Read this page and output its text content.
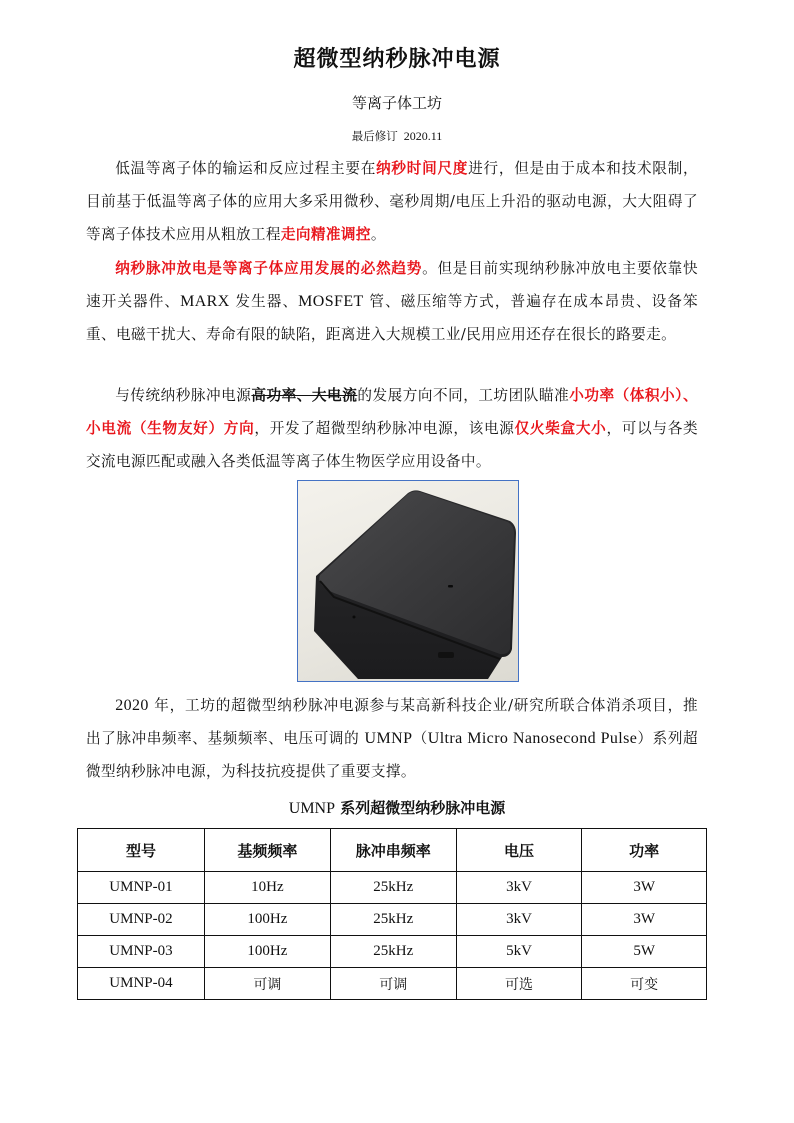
超微型纳秒脉冲电源
等离子体工坊
最后修订 2020.11

低温等离子体的输运和反应过程主要在纳秒时间尺度进行，但是由于成本和技术限制，目前基于低温等离子体的应用大多采用微秒、毫秒周期/电压上升沿的驱动电源，大大阻碍了等离子体技术应用从粗放工程走向精准调控。

纳秒脉冲放电是等离子体应用发展的必然趋势。但是目前实现纳秒脉冲放电主要依靠快速开关器件、MARX 发生器、MOSFET 管、磁压缩等方式，普遍存在成本昂贵、设备笨重、电磁干扰大、寿命有限的缺陷，距离进入大规模工业/民用应用还存在很长的路要走。

与传统纳秒脉冲电源高功率、大电流的发展方向不同，工坊团队瞄准小功率（体积小）、小电流（生物友好）方向，开发了超微型纳秒脉冲电源，该电源仅火柴盒大小，可以与各类交流电源匹配或融入各类低温等离子体生物医学应用设备中。

2020 年，工坊的超微型纳秒脉冲电源参与某高新科技企业/研究所联合体消杀项目，推出了脉冲串频率、基频频率、电压可调的 UMNP（Ultra Micro Nanosecond Pulse）系列超微型纳秒脉冲电源，为科技抗疫提供了重要支撑。

UMNP 系列超微型纳秒脉冲电源
型号	基频频率	脉冲串频率	电压	功率
UMNP-01	10Hz	25kHz	3kV	3W
UMNP-02	100Hz	25kHz	3kV	3W
UMNP-03	100Hz	25kHz	5kV	5W
UMNP-04	可调	可调	可选	可变
